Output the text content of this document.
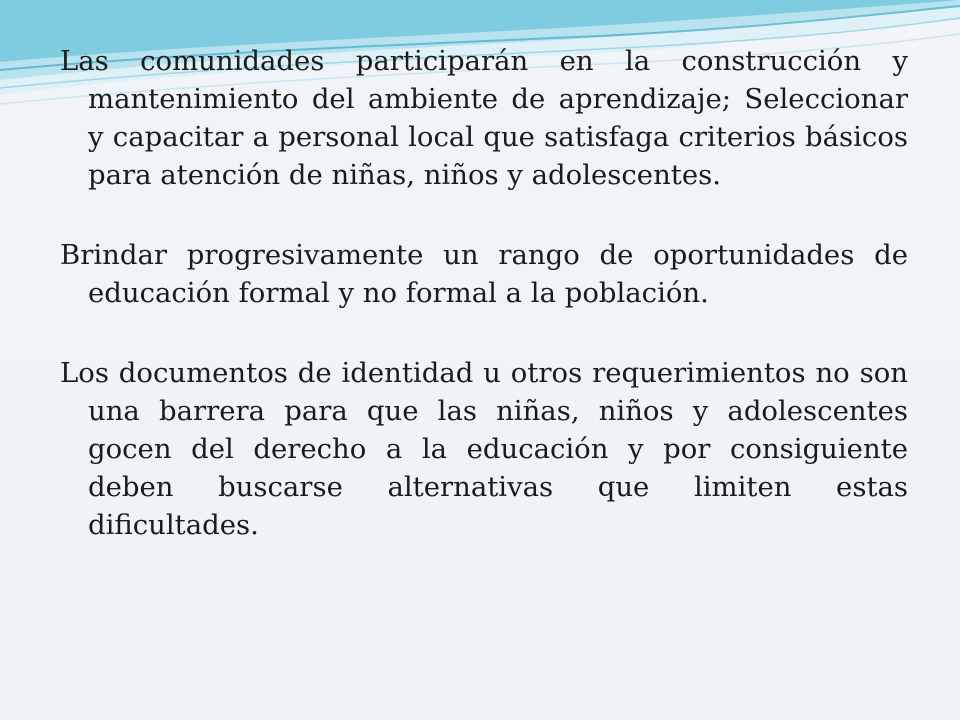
Las comunidades participarán en la construcción y mantenimiento del ambiente de aprendizaje; Seleccionar y capacitar a personal local que satisfaga criterios básicos para atención de niñas, niños y adolescentes.

Brindar progresivamente un rango de oportunidades de educación formal y no formal a la población.

Los documentos de identidad u otros requerimientos no son una barrera para que las niñas, niños y adolescentes gocen del derecho a la educación y por consiguiente deben buscarse alternativas que limiten estas dificultades.
